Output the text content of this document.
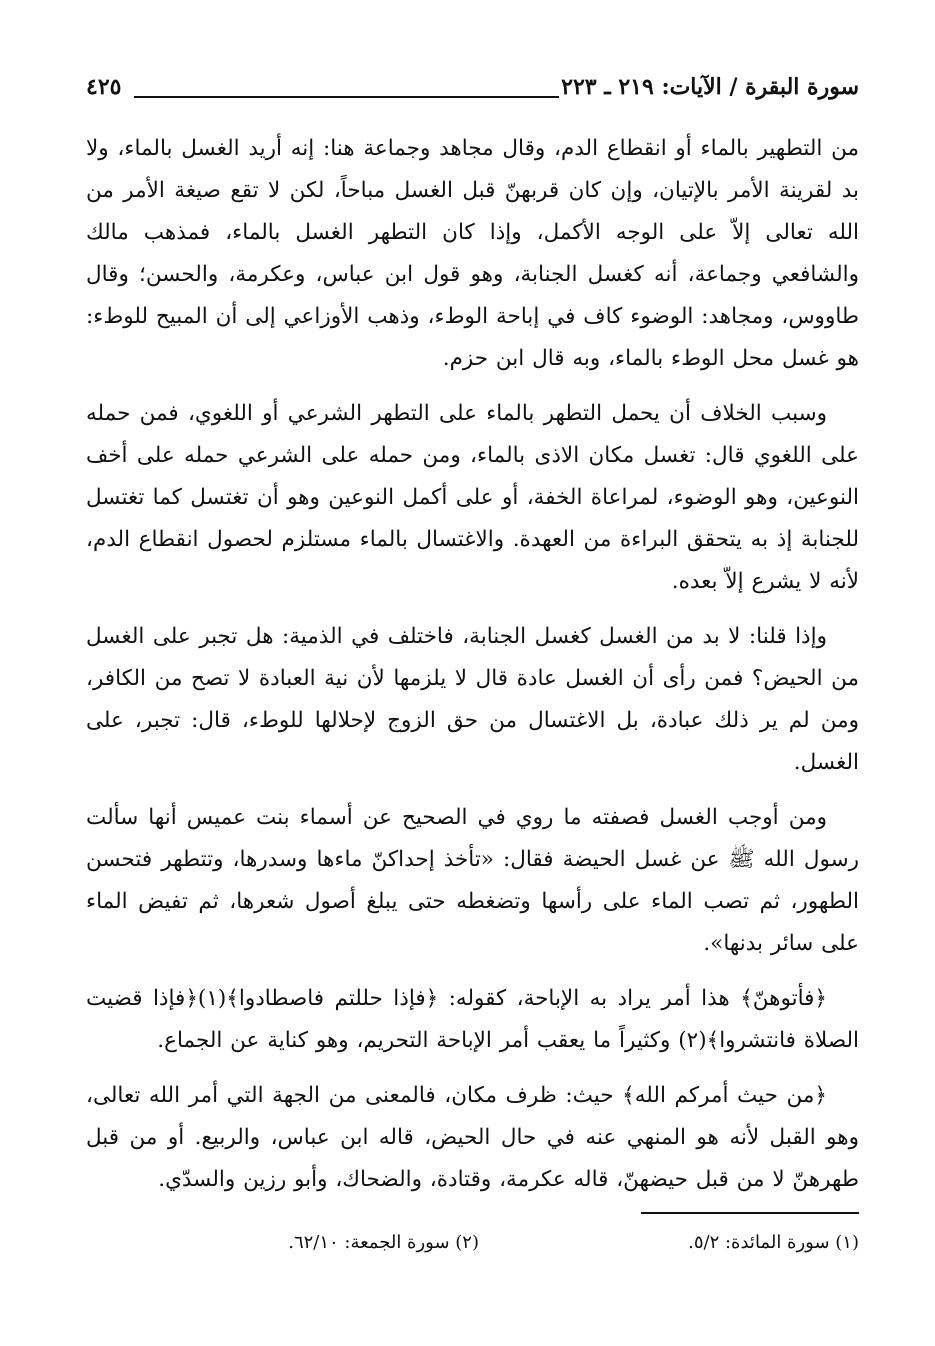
سورة البقرة / الآيات: ٢١٩ ـ ٢٢٣
٤٢٥

من التطهير بالماء أو انقطاع الدم، وقال مجاهد وجماعة هنا: إنه أريد الغسل بالماء، ولا بد لقرينة الأمر بالإتيان، وإن كان قربهنّ قبل الغسل مباحاً، لكن لا تقع صيغة الأمر من الله تعالى إلاّ على الوجه الأكمل، وإذا كان التطهر الغسل بالماء، فمذهب مالك والشافعي وجماعة، أنه كغسل الجنابة، وهو قول ابن عباس، وعكرمة، والحسن؛ وقال طاووس، ومجاهد: الوضوء كاف في إباحة الوطء، وذهب الأوزاعي إلى أن المبيح للوطء: هو غسل محل الوطء بالماء، وبه قال ابن حزم.

وسبب الخلاف أن يحمل التطهر بالماء على التطهر الشرعي أو اللغوي، فمن حمله على اللغوي قال: تغسل مكان الاذى بالماء، ومن حمله على الشرعي حمله على أخف النوعين، وهو الوضوء، لمراعاة الخفة، أو على أكمل النوعين وهو أن تغتسل كما تغتسل للجنابة إذ به يتحقق البراءة من العهدة. والاغتسال بالماء مستلزم لحصول انقطاع الدم، لأنه لا يشرع إلاّ بعده.

وإذا قلنا: لا بد من الغسل كغسل الجنابة، فاختلف في الذمية: هل تجبر على الغسل من الحيض؟ فمن رأى أن الغسل عادة قال لا يلزمها لأن نية العبادة لا تصح من الكافر، ومن لم ير ذلك عبادة، بل الاغتسال من حق الزوج لإحلالها للوطء، قال: تجبر، على الغسل.

ومن أوجب الغسل فصفته ما روي في الصحيح عن أسماء بنت عميس أنها سألت رسول الله ﷺ عن غسل الحيضة فقال: «تأخذ إحداكنّ ماءها وسدرها، وتتطهر فتحسن الطهور، ثم تصب الماء على رأسها وتضغطه حتى يبلغ أصول شعرها، ثم تفيض الماء على سائر بدنها».

﴿فأتوهنّ﴾ هذا أمر يراد به الإباحة، كقوله: ﴿فإذا حللتم فاصطادوا﴾(١)﴿فإذا قضيت الصلاة فانتشروا﴾(٢) وكثيراً ما يعقب أمر الإباحة التحريم، وهو كناية عن الجماع.

﴿من حيث أمركم الله﴾ حيث: ظرف مكان، فالمعنى من الجهة التي أمر الله تعالى، وهو القبل لأنه هو المنهي عنه في حال الحيض، قاله ابن عباس، والربيع. أو من قبل طهرهنّ لا من قبل حيضهنّ، قاله عكرمة، وقتادة، والضحاك، وأبو رزين والسدّي.

(١) سورة المائدة: ٥/٢.
(٢) سورة الجمعة: ٦٢/١٠.
